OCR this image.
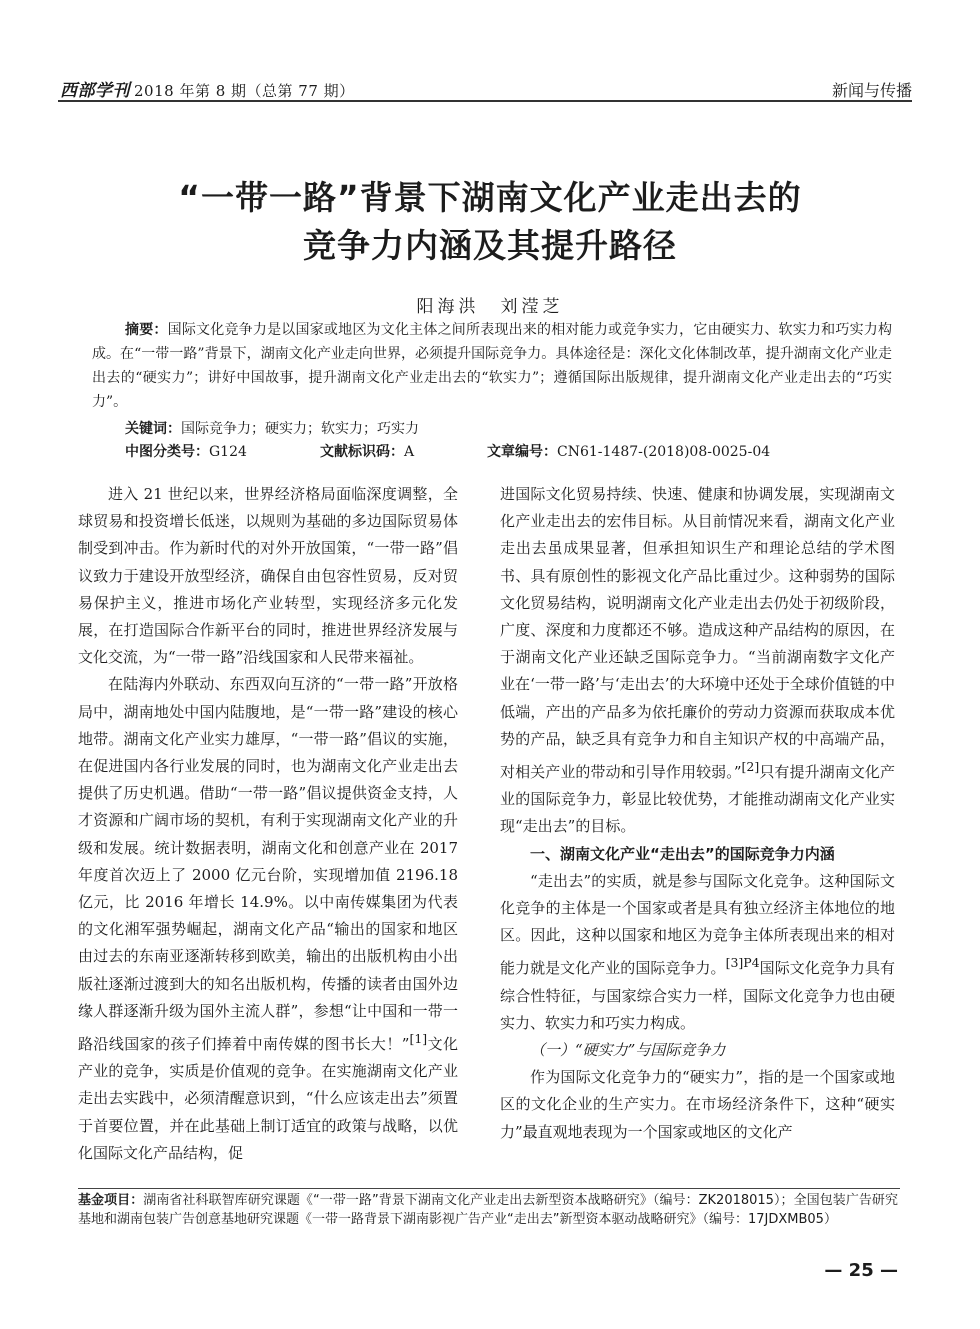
西部学刊 2018 年第 8 期（总第 77 期）	新闻与传播
“一带一路”背景下湖南文化产业走出去的
竞争力内涵及其提升路径
阳海洪　刘滢芝
摘要：国际文化竞争力是以国家或地区为文化主体之间所表现出来的相对能力或竞争实力，它由硬实力、软实力和巧实力构成。在“一带一路”背景下，湖南文化产业走向世界，必须提升国际竞争力。具体途径是：深化文化体制改革，提升湖南文化产业走出去的“硬实力”；讲好中国故事，提升湖南文化产业走出去的“软实力”；遵循国际出版规律，提升湖南文化产业走出去的“巧实力”。
关键词：国际竞争力；硬实力；软实力；巧实力
中图分类号：G124	文献标识码：A	文章编号：CN61-1487-(2018)08-0025-04

进入 21 世纪以来，世界经济格局面临深度调整，全球贸易和投资增长低迷，以规则为基础的多边国际贸易体制受到冲击。作为新时代的对外开放国策，“一带一路”倡议致力于建设开放型经济，确保自由包容性贸易，反对贸易保护主义，推进市场化产业转型，实现经济多元化发展，在打造国际合作新平台的同时，推进世界经济发展与文化交流，为“一带一路”沿线国家和人民带来福祉。

在陆海内外联动、东西双向互济的“一带一路”开放格局中，湖南地处中国内陆腹地，是“一带一路”建设的核心地带。湖南文化产业实力雄厚，“一带一路”倡议的实施，在促进国内各行业发展的同时，也为湖南文化产业走出去提供了历史机遇。借助“一带一路”倡议提供资金支持，人才资源和广阔市场的契机，有利于实现湖南文化产业的升级和发展。统计数据表明，湖南文化和创意产业在 2017 年度首次迈上了 2000 亿元台阶，实现增加值 2196.18 亿元，比 2016 年增长 14.9%。以中南传媒集团为代表的文化湘军强势崛起，湖南文化产品“输出的国家和地区由过去的东南亚逐渐转移到欧美，输出的出版机构由小出版社逐渐过渡到大的知名出版机构，传播的读者由国外边缘人群逐渐升级为国外主流人群”，参想“让中国和一带一路沿线国家的孩子们捧着中南传媒的图书长大！”[1]文化产业的竞争，实质是价值观的竞争。在实施湖南文化产业走出去实践中，必须清醒意识到，“什么应该走出去”须置于首要位置，并在此基础上制订适宜的政策与战略，以优化国际文化产品结构，促

进国际文化贸易持续、快速、健康和协调发展，实现湖南文化产业走出去的宏伟目标。从目前情况来看，湖南文化产业走出去虽成果显著，但承担知识生产和理论总结的学术图书、具有原创性的影视文化产品比重过少。这种弱势的国际文化贸易结构，说明湖南文化产业走出去仍处于初级阶段，广度、深度和力度都还不够。造成这种产品结构的原因，在于湖南文化产业还缺乏国际竞争力。“当前湖南数字文化产业在‘一带一路’与‘走出去’的大环境中还处于全球价值链的中低端，产出的产品多为依托廉价的劳动力资源而获取成本优势的产品，缺乏具有竞争力和自主知识产权的中高端产品，对相关产业的带动和引导作用较弱。”[2]只有提升湖南文化产业的国际竞争力，彰显比较优势，才能推动湖南文化产业实现“走出去”的目标。

一、湖南文化产业“走出去”的国际竞争力内涵

“走出去”的实质，就是参与国际文化竞争。这种国际文化竞争的主体是一个国家或者是具有独立经济主体地位的地区。因此，这种以国家和地区为竞争主体所表现出来的相对能力就是文化产业的国际竞争力。$^{[3]P4}$国际文化竞争力具有综合性特征，与国家综合实力一样，国际文化竞争力也由硬实力、软实力和巧实力构成。

（一）“硬实力”与国际竞争力

作为国际文化竞争力的“硬实力”，指的是一个国家或地区的文化企业的生产实力。在市场经济条件下，这种“硬实力”最直观地表现为一个国家或地区的文化产

基金项目：湖南省社科联智库研究课题《“一带一路”背景下湖南文化产业走出去新型资本战略研究》（编号：ZK2018015）；全国包装广告研究基地和湖南包装广告创意基地研究课题《一带一路背景下湖南影视广告产业“走出去”新型资本驱动战略研究》（编号：17JDXMB05）
— 25 —
